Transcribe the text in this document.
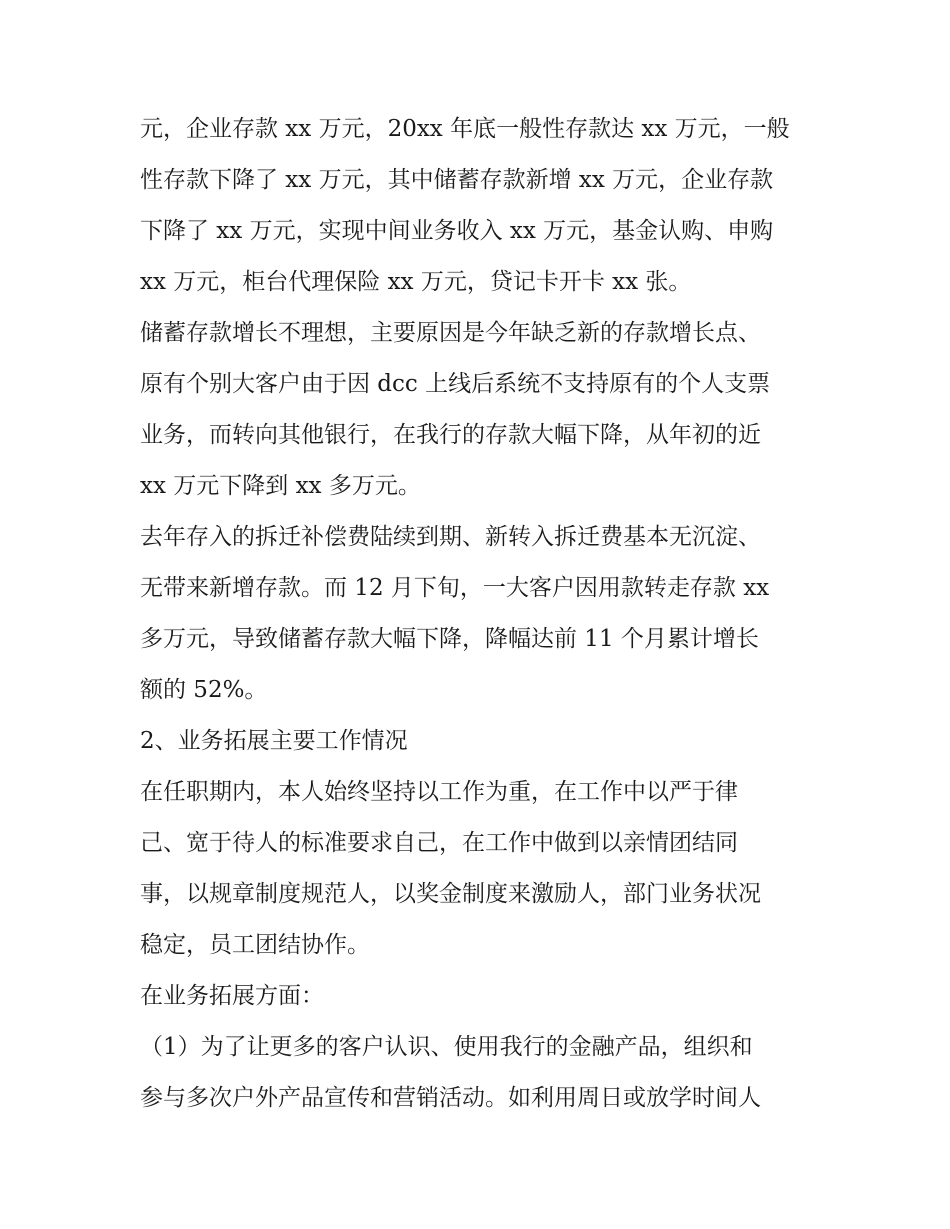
元，企业存款 xx 万元，20xx 年底一般性存款达 xx 万元，一般
性存款下降了 xx 万元，其中储蓄存款新增 xx 万元，企业存款
下降了 xx 万元，实现中间业务收入 xx 万元，基金认购、申购
xx 万元，柜台代理保险 xx 万元，贷记卡开卡 xx 张。
储蓄存款增长不理想，主要原因是今年缺乏新的存款增长点、
原有个别大客户由于因 dcc 上线后系统不支持原有的个人支票
业务，而转向其他银行，在我行的存款大幅下降，从年初的近
xx 万元下降到 xx 多万元。
去年存入的拆迁补偿费陆续到期、新转入拆迁费基本无沉淀、
无带来新增存款。而 12 月下旬，一大客户因用款转走存款 xx
多万元，导致储蓄存款大幅下降，降幅达前 11 个月累计增长
额的 52%。
2、业务拓展主要工作情况
在任职期内，本人始终坚持以工作为重，在工作中以严于律
己、宽于待人的标准要求自己，在工作中做到以亲情团结同
事，以规章制度规范人，以奖金制度来激励人，部门业务状况
稳定，员工团结协作。
在业务拓展方面：
（1）为了让更多的客户认识、使用我行的金融产品，组织和
参与多次户外产品宣传和营销活动。如利用周日或放学时间人
